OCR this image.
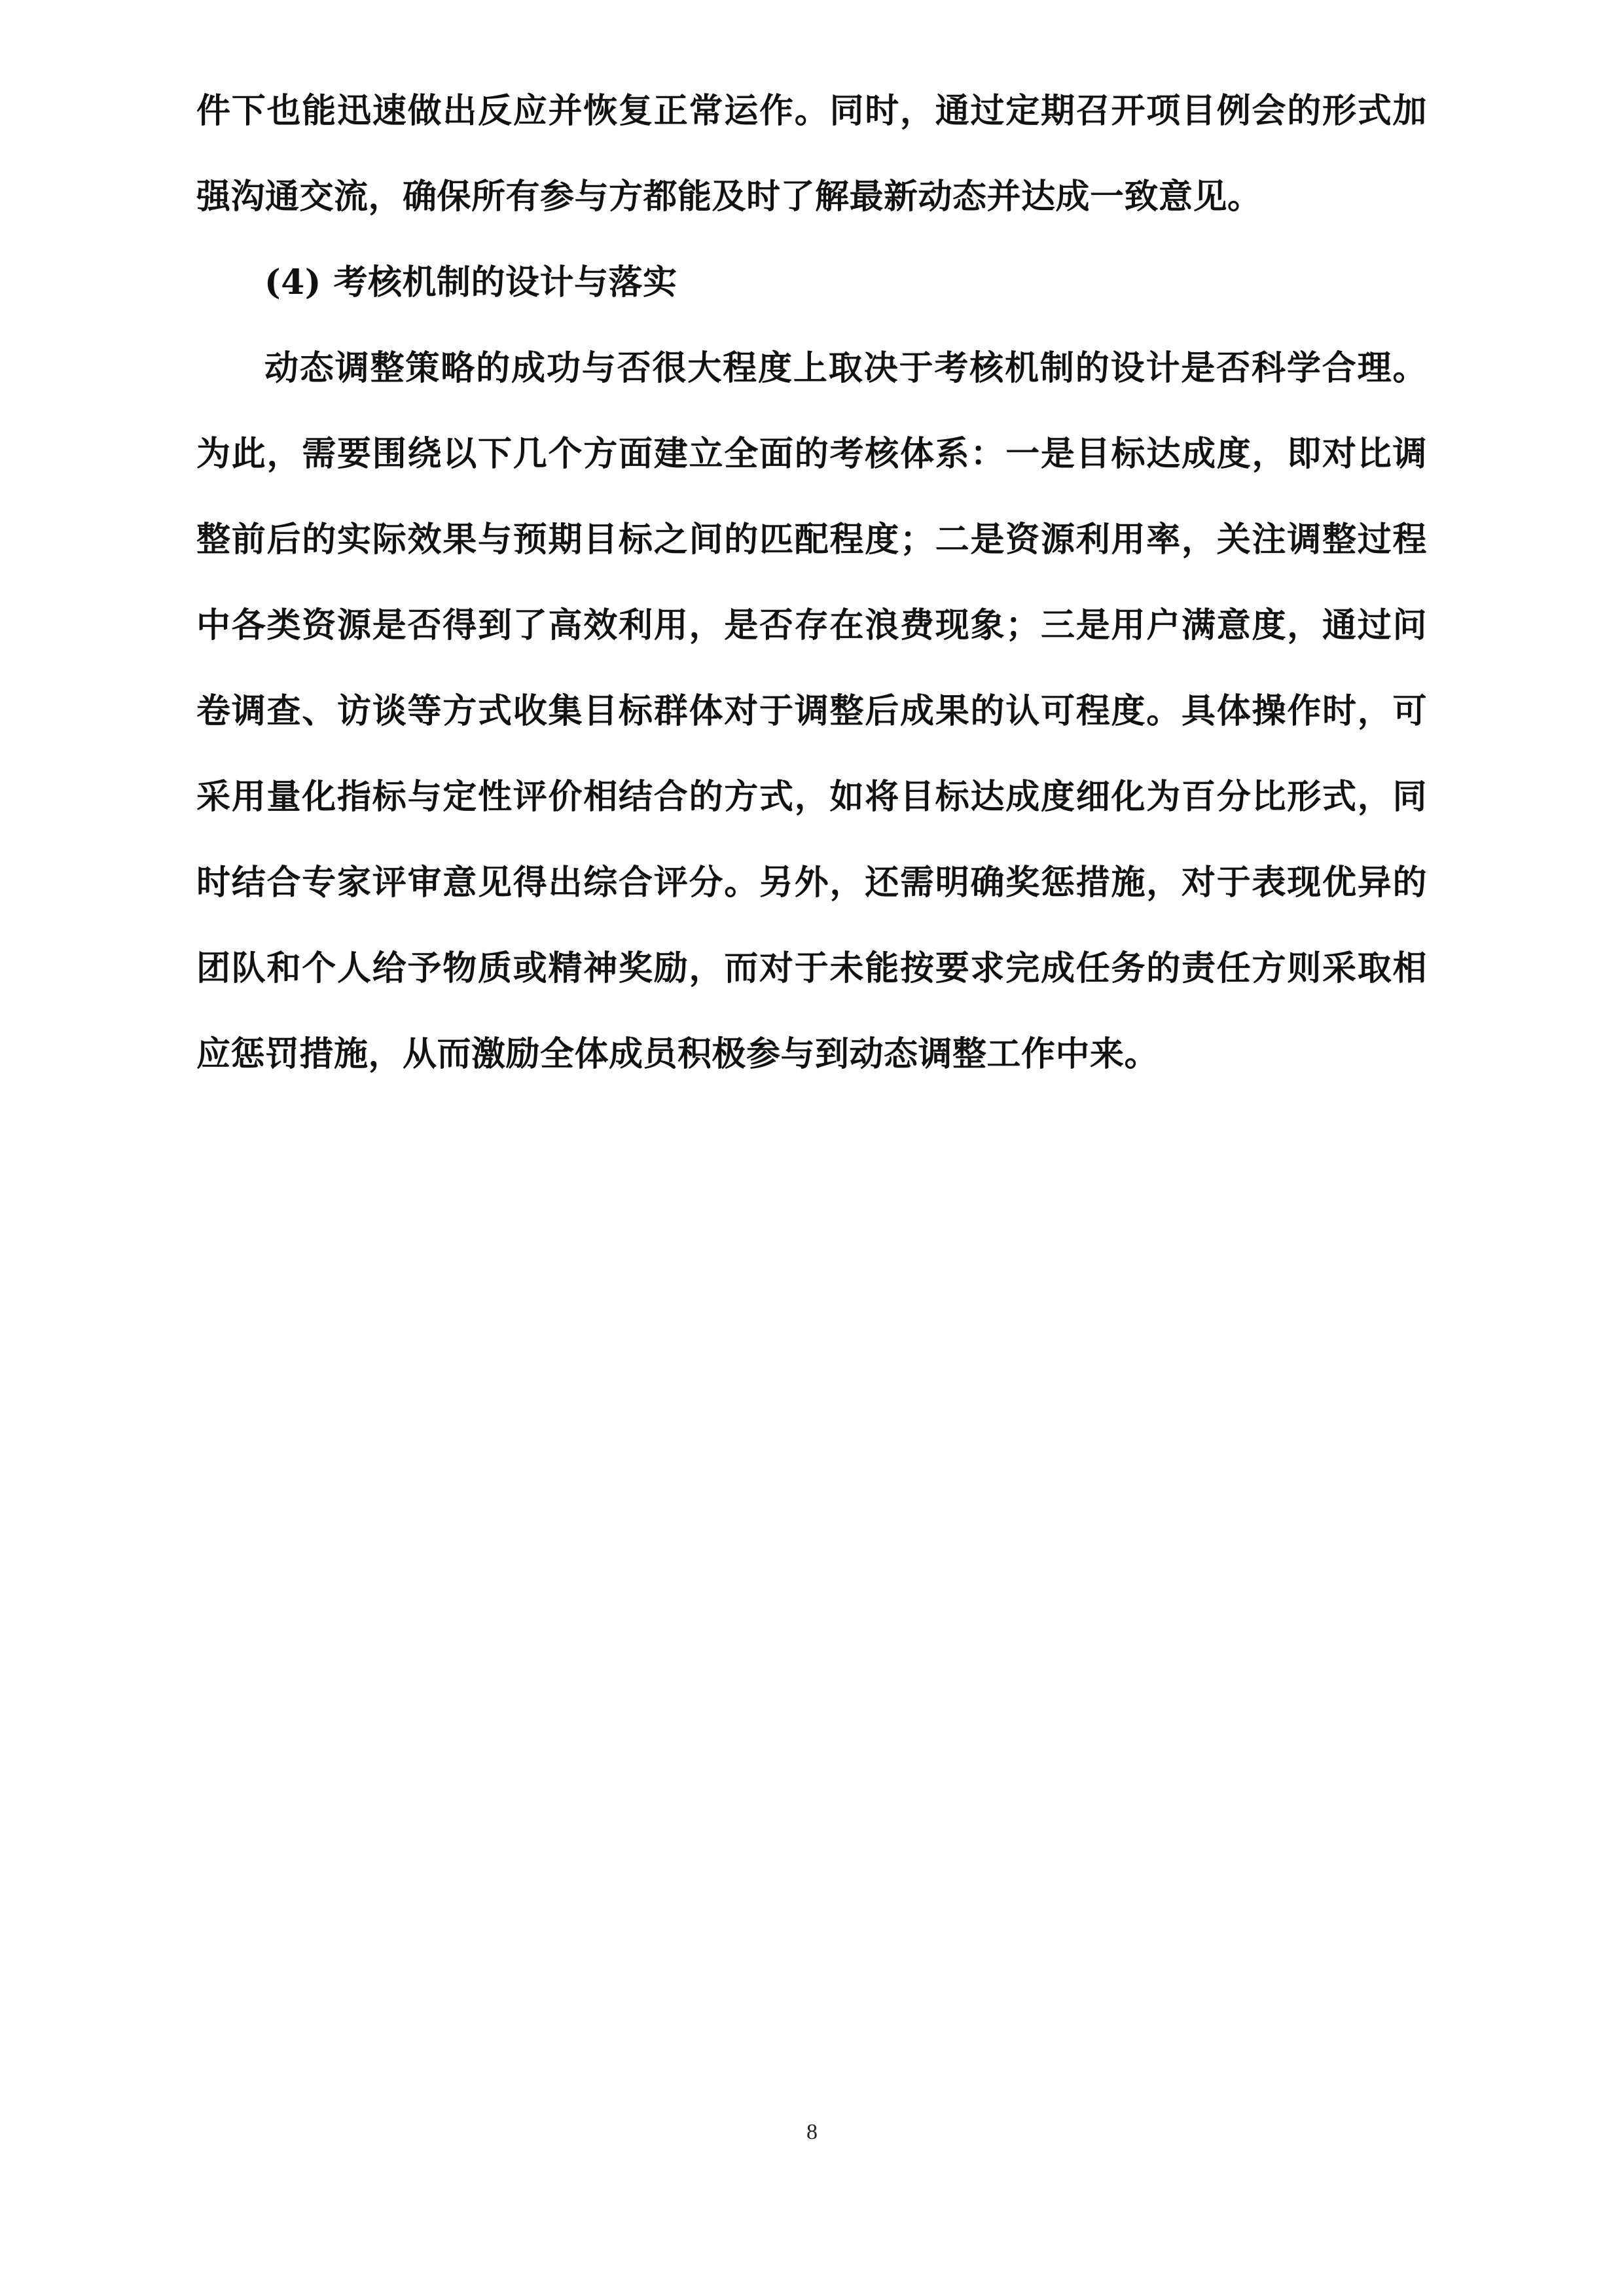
件下也能迅速做出反应并恢复正常运作。同时，通过定期召开项目例会的形式加强沟通交流，确保所有参与方都能及时了解最新动态并达成一致意见。

(4) 考核机制的设计与落实

动态调整策略的成功与否很大程度上取决于考核机制的设计是否科学合理。为此，需要围绕以下几个方面建立全面的考核体系：一是目标达成度，即对比调整前后的实际效果与预期目标之间的匹配程度；二是资源利用率，关注调整过程中各类资源是否得到了高效利用，是否存在浪费现象；三是用户满意度，通过问卷调查、访谈等方式收集目标群体对于调整后成果的认可程度。具体操作时，可采用量化指标与定性评价相结合的方式，如将目标达成度细化为百分比形式，同时结合专家评审意见得出综合评分。另外，还需明确奖惩措施，对于表现优异的团队和个人给予物质或精神奖励，而对于未能按要求完成任务的责任方则采取相应惩罚措施，从而激励全体成员积极参与到动态调整工作中来。

8
